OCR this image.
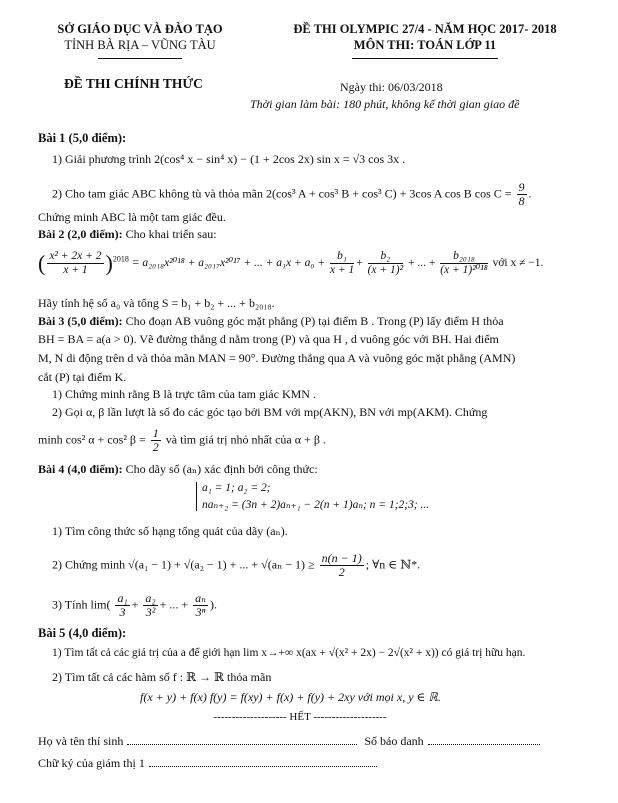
SỞ GIÁO DỤC VÀ ĐÀO TẠO
TỈNH BÀ RỊA – VŨNG TÀU
ĐỀ THI OLYMPIC 27/4 - NĂM HỌC 2017- 2018
MÔN THI: TOÁN LỚP 11
ĐỀ THI CHÍNH THỨC	Ngày thi: 06/03/2018
Thời gian làm bài: 180 phút, không kể thời gian giao đề
Bài 1 (5,0 điểm):
1) Giải phương trình 2(cos⁴ x − sin⁴ x) − (1 + 2cos 2x) sin x = √3 cos 3x .
2) Cho tam giác ABC không tù và thỏa mãn 2(cos³ A + cos³ B + cos³ C) + 3cos A cos B $\cos C = \frac{9}{8}$ .
Chứng minh ABC là một tam giác đều.
Bài 2 (2,0 điểm): Cho khai triển sau:
( $\frac{\text{x² + 2x + 2}}{x + 1} )^{2018} = a_{2018}x^{2018} + a_{2017}x^{2017}$ + ... + $a_1x + a_0 + \frac{\text{b₁}}{x + 1} + \frac{\text{b₂}}{\text{(x + 1)²}}$ + ... + $\frac{\text{b₂₀₁₈}}{\text{(x + 1)²⁰¹⁸}}$ với x ≠ −1.
Hãy tính hệ số a₀ và tổng S = b₁ + b₂ + ... + b₂₀₁₈.
Bài 3 (5,0 điểm): Cho đoạn AB vuông góc mặt phẳng (P) tại điểm B . Trong (P) lấy điểm H thỏa
BH = BA = a(a > 0). Vẽ đường thẳng d nằm trong (P) và qua H , d vuông góc với BH. Hai điểm
M, N di động trên d và thỏa mãn MAN = 90°. Đường thẳng qua A và vuông góc mặt phẳng (AMN)
cắt (P) tại điểm K.
1) Chứng minh rằng B là trực tâm của tam giác KMN .
2) Gọi α, β lần lượt là số đo các góc tạo bởi BM với mp(AKN), BN với mp(AKM). Chứng
minh cos² α + cos² $\beta = \frac{1}{2}$ và tìm giá trị nhỏ nhất của α + β .
Bài 4 (4,0 điểm): Cho dãy số (aₙ) xác định bởi công thức:
a₁ = 1; a₂ = 2;
naₙ₊₂ = (3n + 2)aₙ₊₁ − 2(n + 1)aₙ; n = 1;2;3; ...
1) Tìm công thức số hạng tổng quát của dãy (aₙ).
2) Chứng minh √(a₁ − 1) + √(a₂ − 1) + ... + $√(a_n - 1) \ge \frac{n(n - 1)}{2}$ ; ∀n ∈ ℕ*.
3) Tính $\lim( \frac{\text{a₁}}{3} + \frac{\text{a₂}}{\text{3²}}$ + ... + $\frac{\text{aₙ}}{\text{3ⁿ}}$ ).
Bài 5 (4,0 điểm):
1) Tìm tất cả các giá trị của a để giới hạn lim x→+∞ x(ax + √(x² + 2x) − 2√(x² + x)) có giá trị hữu hạn.
2) Tìm tất cả các hàm số f : ℝ → ℝ thỏa mãn
f(x + y) + f(x) f(y) = f(xy) + f(x) + f(y) + 2xy với mọi x, y ∈ ℝ.
-------------------- HẾT --------------------
Họ và tên thí sinh	Số báo danh
Chữ ký của giám thị 1
